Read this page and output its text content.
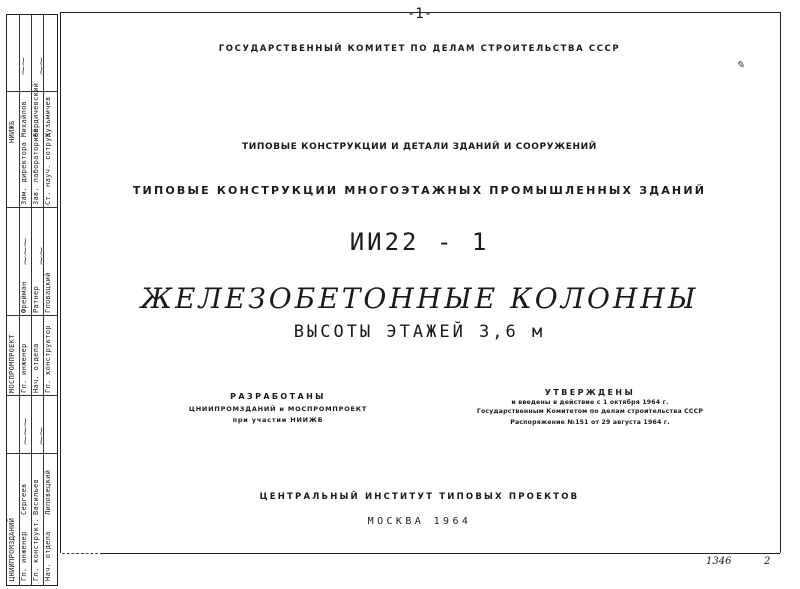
НИИЖБ
Зам. директора Зав. лабораторией Ст. науч. сотруд.
Михайлов Бердичевский Кузьмичев
⁓⁓ ⁓⁓
МОСПРОМПРОЕКТ Гл. инженер Нач. отдела Гл. конструктор
Фрейман Ратнер Гловацкий
⁓⁓⁓ ⁓⁓
ЦНИИПРОМЗДАНИЙ Гл. инженер Гл. конструкт. Нач. отдела
Сергеев Васильев Липовецкий
⁓⁓⁓ ⁓⁓
✎
-1-
ГОСУДАРСТВЕННЫЙ КОМИТЕТ ПО ДЕЛАМ СТРОИТЕЛЬСТВА СССР
ТИПОВЫЕ КОНСТРУКЦИИ И ДЕТАЛИ ЗДАНИЙ И СООРУЖЕНИЙ
ТИПОВЫЕ КОНСТРУКЦИИ МНОГОЭТАЖНЫХ ПРОМЫШЛЕННЫХ ЗДАНИЙ
ИИ22 - 1
ЖЕЛЕЗОБЕТОННЫЕ КОЛОННЫ
ВЫСОТЫ ЭТАЖЕЙ 3,6 м
РАЗРАБОТАНЫ
ЦНИИПРОМЗДАНИЙ и МОСПРОМПРОЕКТ
при участии НИИЖБ
УТВЕРЖДЕНЫ
и введены в действие с 1 октября 1964 г.
Государственным Комитетом по делам строительства СССР
Распоряжение №151 от 29 августа 1964 г.
ЦЕНТРАЛЬНЫЙ ИНСТИТУТ ТИПОВЫХ ПРОЕКТОВ
МОСКВА 1964
1346	2
